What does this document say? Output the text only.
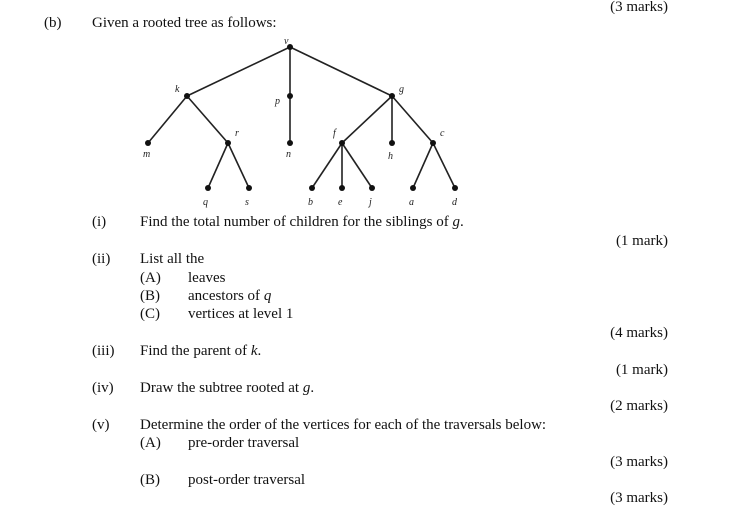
(3 marks)
(b) Given a rooted tree as follows:
v
k
p
g
m
r
n
f
h
c
q	s	b	e	j	a	d
(i) Find the total number of children for the siblings of g.
(1 mark)
(ii) List all the
(A) leaves
(B) ancestors of q
(C) vertices at level 1
(4 marks)
(iii) Find the parent of k.
(1 mark)
(iv) Draw the subtree rooted at g.
(2 marks)
(v) Determine the order of the vertices for each of the traversals below:
(A) pre-order traversal
(3 marks)
(B) post-order traversal
(3 marks)
